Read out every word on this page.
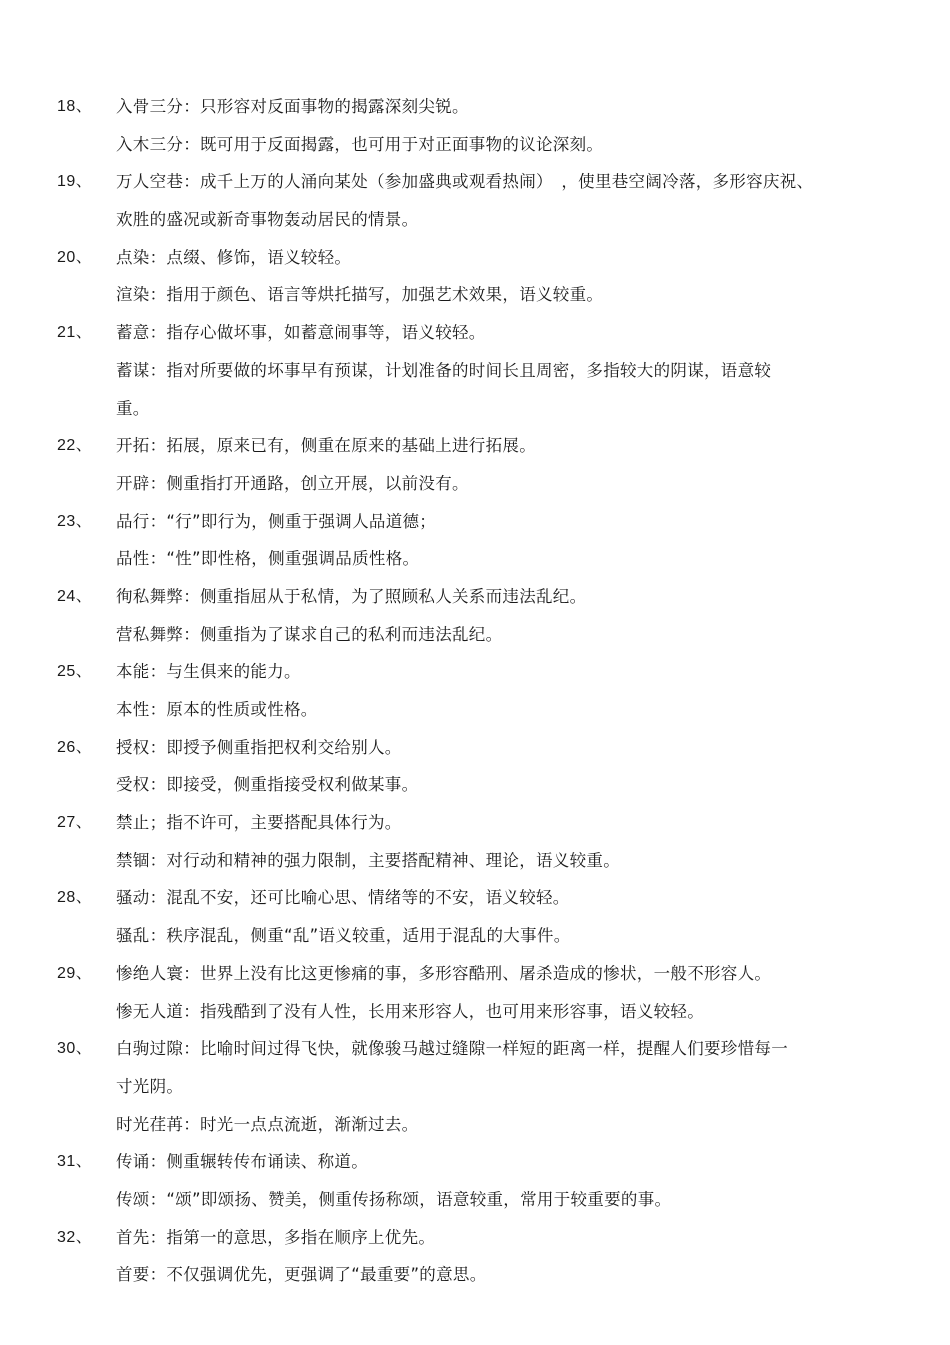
18、 入骨三分：只形容对反面事物的揭露深刻尖锐。
入木三分：既可用于反面揭露，也可用于对正面事物的议论深刻。
19、 万人空巷：成千上万的人涌向某处（参加盛典或观看热闹）　，使里巷空阔冷落，多形容庆祝、
欢胜的盛况或新奇事物轰动居民的情景。
20、 点染：点缀、修饰，语义较轻。
渲染：指用于颜色、语言等烘托描写，加强艺术效果，语义较重。
21、 蓄意：指存心做坏事，如蓄意闹事等，语义较轻。
蓄谋：指对所要做的坏事早有预谋，计划准备的时间长且周密，多指较大的阴谋，语意较
重。
22、 开拓：拓展，原来已有，侧重在原来的基础上进行拓展。
开辟：侧重指打开通路，创立开展，以前没有。
23、 品行：“行”即行为，侧重于强调人品道德；
品性：“性”即性格，侧重强调品质性格。
24、 徇私舞弊：侧重指屈从于私情，为了照顾私人关系而违法乱纪。
营私舞弊：侧重指为了谋求自己的私利而违法乱纪。
25、 本能：与生俱来的能力。
本性：原本的性质或性格。
26、 授权：即授予侧重指把权利交给别人。
受权：即接受，侧重指接受权利做某事。
27、 禁止；指不许可，主要搭配具体行为。
禁锢：对行动和精神的强力限制，主要搭配精神、理论，语义较重。
28、 骚动：混乱不安，还可比喻心思、情绪等的不安，语义较轻。
骚乱：秩序混乱，侧重“乱”语义较重，适用于混乱的大事件。
29、 惨绝人寰：世界上没有比这更惨痛的事，多形容酷刑、屠杀造成的惨状，一般不形容人。
惨无人道：指残酷到了没有人性，长用来形容人，也可用来形容事，语义较轻。
30、 白驹过隙：比喻时间过得飞快，就像骏马越过缝隙一样短的距离一样，提醒人们要珍惜每一
寸光阴。
时光荏苒：时光一点点流逝，渐渐过去。
31、 传诵：侧重辗转传布诵读、称道。
传颂：“颂”即颂扬、赞美，侧重传扬称颂，语意较重，常用于较重要的事。
32、 首先：指第一的意思，多指在顺序上优先。
首要：不仅强调优先，更强调了“最重要”的意思。
